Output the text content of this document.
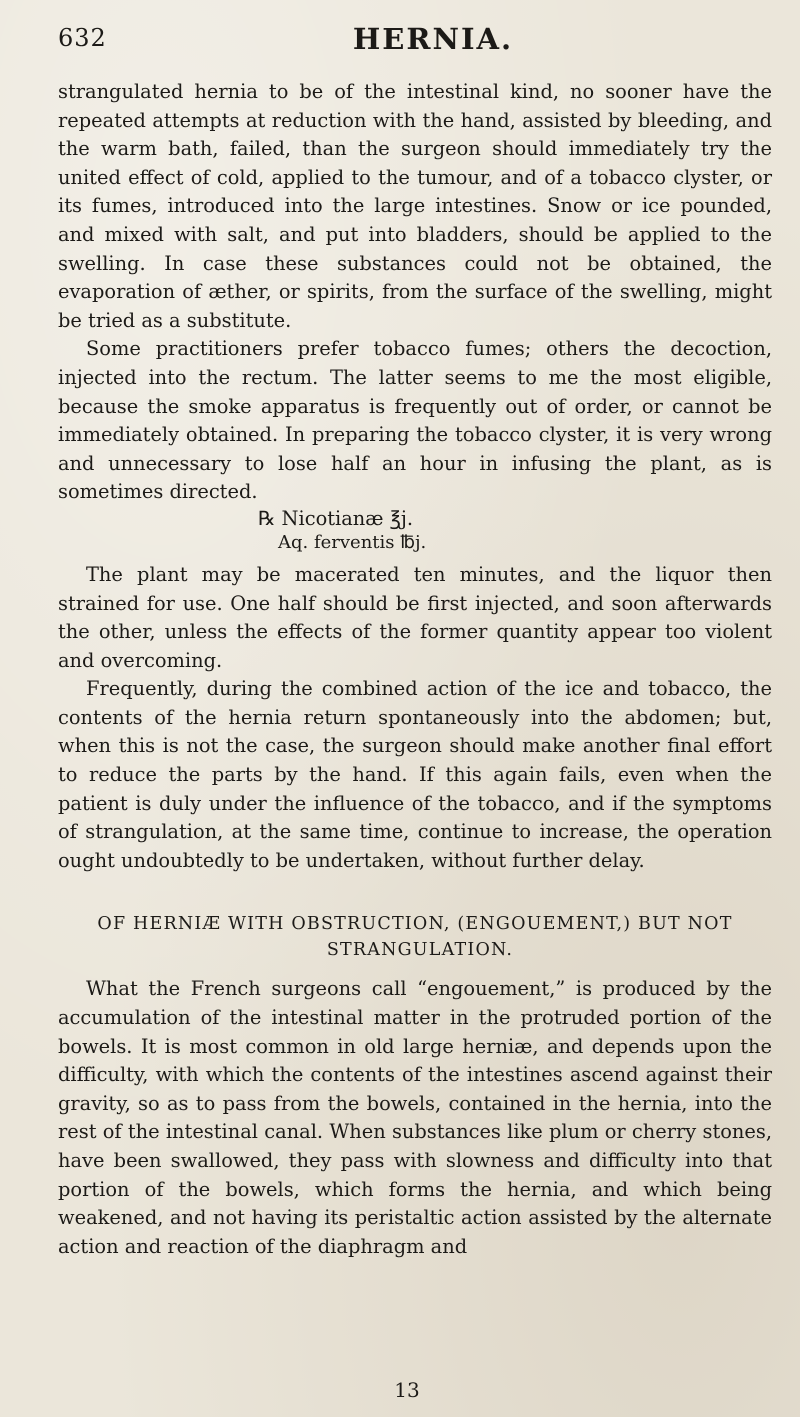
632	HERNIA.

strangulated hernia to be of the intestinal kind, no sooner have the repeated attempts at reduction with the hand, assisted by bleeding, and the warm bath, failed, than the surgeon should immediately try the united effect of cold, applied to the tumour, and of a tobacco clyster, or its fumes, introduced into the large intestines. Snow or ice pounded, and mixed with salt, and put into bladders, should be applied to the swelling. In case these substances could not be obtained, the evaporation of æther, or spirits, from the surface of the swelling, might be tried as a substitute.

Some practitioners prefer tobacco fumes; others the decoction, injected into the rectum. The latter seems to me the most eligible, because the smoke apparatus is frequently out of order, or cannot be immediately obtained. In preparing the tobacco clyster, it is very wrong and unnecessary to lose half an hour in infusing the plant, as is sometimes directed.

℞ Nicotianæ ℥j.
Aq. ferventis ℔j.

The plant may be macerated ten minutes, and the liquor then strained for use. One half should be first injected, and soon afterwards the other, unless the effects of the former quantity appear too violent and overcoming.

Frequently, during the combined action of the ice and tobacco, the contents of the hernia return spontaneously into the abdomen; but, when this is not the case, the surgeon should make another final effort to reduce the parts by the hand. If this again fails, even when the patient is duly under the influence of the tobacco, and if the symptoms of strangulation, at the same time, continue to increase, the operation ought undoubtedly to be undertaken, without further delay.

OF HERNIÆ WITH OBSTRUCTION, (ENGOUEMENT,) BUT NOT
STRANGULATION.

What the French surgeons call “engouement,” is produced by the accumulation of the intestinal matter in the protruded portion of the bowels. It is most common in old large herniæ, and depends upon the difficulty, with which the contents of the intestines ascend against their gravity, so as to pass from the bowels, contained in the hernia, into the rest of the intestinal canal. When substances like plum or cherry stones, have been swallowed, they pass with slowness and difficulty into that portion of the bowels, which forms the hernia, and which being weakened, and not having its peristaltic action assisted by the alternate action and reaction of the diaphragm and

13
